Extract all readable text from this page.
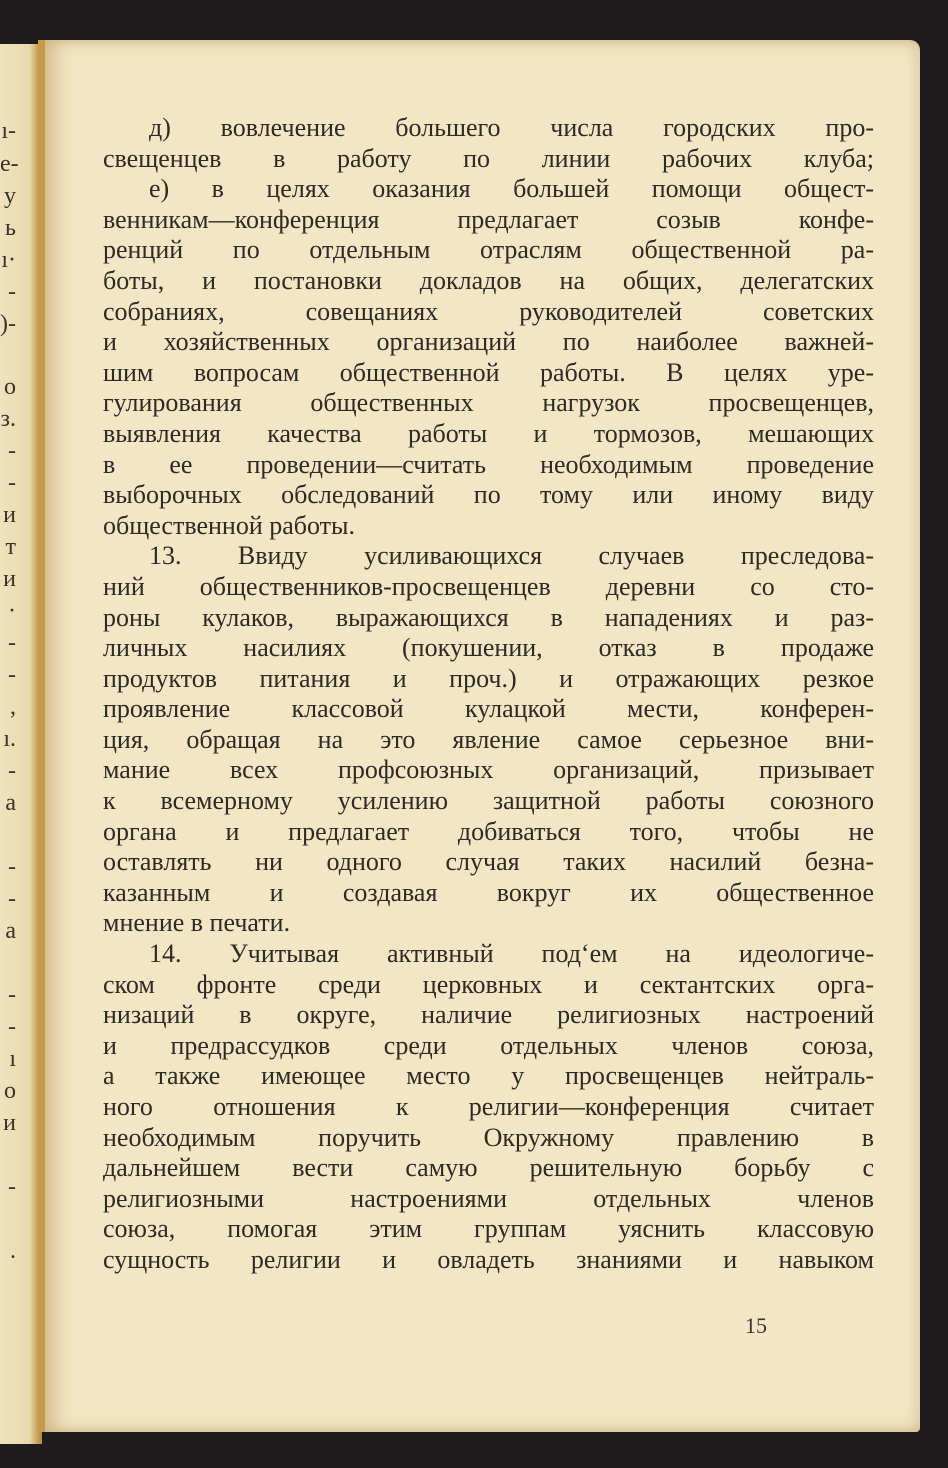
ı-
e-
у
ь
ı·
-
)-
о
з.
-
-
и
т
и
·
-
-
,
ı.
-
а
-
-
а
-
-
ı
о
и
-
.
д) вовлечение большего числа городских про-
свещенцев в работу по линии рабочих клуба;
е) в целях оказания большей помощи общест-
венникам—конференция предлагает созыв конфе-
ренций по отдельным отраслям общественной ра-
боты, и постановки докладов на общих, делегатских
собраниях, совещаниях руководителей советских
и хозяйственных организаций по наиболее важней-
шим вопросам общественной работы. В целях уре-
гулирования общественных нагрузок просвещенцев,
выявления качества работы и тормозов, мешающих
в ее проведении—считать необходимым проведение
выборочных обследований по тому или иному виду
общественной работы.
13. Ввиду усиливающихся случаев преследова-
ний общественников-просвещенцев деревни со сто-
роны кулаков, выражающихся в нападениях и раз-
личных насилиях (покушении, отказ в продаже
продуктов питания и проч.) и отражающих резкое
проявление классовой кулацкой мести, конферен-
ция, обращая на это явление самое серьезное вни-
мание всех профсоюзных организаций, призывает
к всемерному усилению защитной работы союзного
органа и предлагает добиваться того, чтобы не
оставлять ни одного случая таких насилий безна-
казанным и создавая вокруг их общественное
мнение в печати.
14. Учитывая активный под‘ем на идеологиче-
ском фронте среди церковных и сектантских орга-
низаций в округе, наличие религиозных настроений
и предрассудков среди отдельных членов союза,
а также имеющее место у просвещенцев нейтраль-
ного отношения к религии—конференция считает
необходимым поручить Окружному правлению в
дальнейшем вести самую решительную борьбу с
религиозными настроениями отдельных членов
союза, помогая этим группам уяснить классовую
сущность религии и овладеть знаниями и навыком
15
